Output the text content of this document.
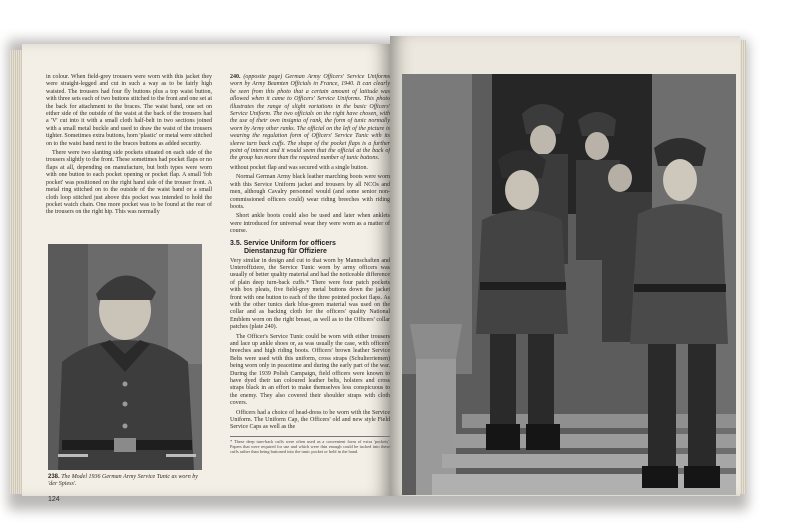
in colour. When field-grey trousers were worn with this jacket they were straight-legged and cut in such a way as to be fairly high waisted. The trousers had four fly buttons plus a top waist button, with three sets each of two buttons stitched to the front and one set at the back for attachment to the braces. The waist band, one set on either side of the outside of the waist at the back of the trousers had a 'V' cut into it with a small cloth half-belt in two sections joined with a small metal buckle and used to draw the waist of the trousers tighter. Sometimes extra buttons, horn 'plastic' or metal were stitched on to the waist band next to the braces buttons as added security.

There were two slanting side pockets situated on each side of the trousers slightly to the front. These sometimes had pocket flaps or no flaps at all, depending on manufacture, but both types were worn with one button to each pocket opening or pocket flap. A small 'fob pocket' was positioned on the right hand side of the trouser front. A metal ring stitched on to the outside of the waist band or a small cloth loop stitched just above this pocket was intended to hold the pocket watch chain. One more pocket was to be found at the rear of the trousers on the right hip. This was normally

238. The Model 1936 German Army Service Tunic as worn by 'der Spiess'.

240. (opposite page) German Army Officers' Service Uniforms worn by Army Beamten Officials in France, 1940. It can clearly be seen from this photo that a certain amount of latitude was allowed when it came to Officers' Service Uniforms. This photo illustrates the range of slight variations in the basic Officers' Service Uniform. The two officials on the right have chosen, with the use of their own insignia of rank, the form of tunic normally worn by Army other ranks. The official on the left of the picture is wearing the regulation form of Officers' Service Tunic with its sleeve turn back cuffs. The shape of the pocket flaps is a further point of interest and it would seem that the official at the back of the group has more than the required number of tunic buttons.

without pocket flap and was secured with a single button.

Normal German Army black leather marching boots were worn with this Service Uniform jacket and trousers by all NCOs and men, although Cavalry personnel would (and some senior non-commissioned officers could) wear riding breeches with riding boots.

Short ankle boots could also be used and later when anklets were introduced for universal wear they were worn as a matter of course.

3.5. Service Uniform for officers
Dienstanzug für Offiziere

Very similar in design and cut to that worn by Mannschaften and Unteroffiziere, the Service Tunic worn by army officers was usually of better quality material and had the noticeable difference of plain deep turn-back cuffs.* There were four patch pockets with box pleats, five field-grey metal buttons down the jacket front with one button to each of the three pointed pocket flaps. As with the other tunics dark blue-green material was used on the collar and as backing cloth for the officers' quality National Emblem worn on the right breast, as well as to the Officers' collar patches (plate 240).

The Officer's Service Tunic could be worn with either trousers and lace up ankle shoes or, as was usually the case, with officers' breeches and high riding boots. Officers' brown leather Service Belts were used with this uniform, cross straps (Schulterriemen) being worn only in peacetime and during the early part of the war. During the 1939 Polish Campaign, field officers were known to have dyed their tan coloured leather belts, holsters and cross straps black in an effort to make themselves less conspicuous to the enemy. They also covered their shoulder straps with cloth covers.

Officers had a choice of head-dress to be worn with the Service Uniform. The Uniform Cap, the Officers' old and new style Field Service Caps as well as the

* These deep turn-back cuffs were often used as a convenient form of extra 'pockets'. Papers that were required for use and which were thin enough could be tucked into these cuffs rather than being buttoned into the tunic pocket or held in the hand.
124
